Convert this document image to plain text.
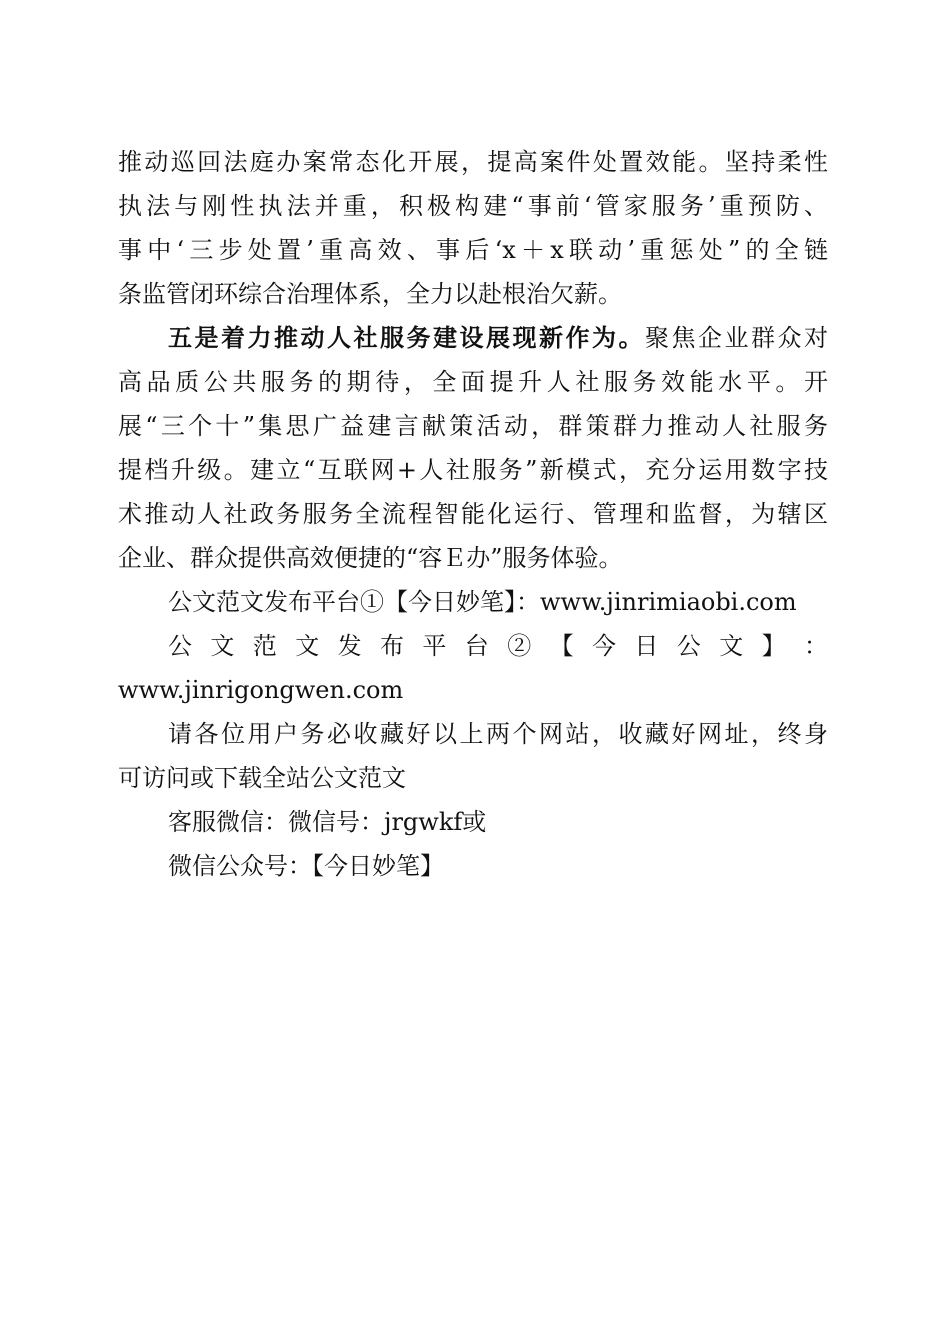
推动巡回法庭办案常态化开展，提高案件处置效能。坚持柔性
执法与刚性执法并重，积极构建“事前‘管家服务’重预防、
事中‘三步处置’重高效、事后‘x＋x联动’重惩处”的全链
条监管闭环综合治理体系，全力以赴根治欠薪。
五是着力推动人社服务建设展现新作为。聚焦企业群众对
高品质公共服务的期待，全面提升人社服务效能水平。开
展“三个十”集思广益建言献策活动，群策群力推动人社服务
提档升级。建立“互联网+人社服务”新模式，充分运用数字技
术推动人社政务服务全流程智能化运行、管理和监督，为辖区
企业、群众提供高效便捷的“容Ｅ办”服务体验。
公文范文发布平台①【今日妙笔】：www.jinrimiaobi.com
公 文 范 文 发 布 平 台 ② 【 今 日 公 文 】 ：
www.jinrigongwen.com
请各位用户务必收藏好以上两个网站，收藏好网址，终身
可访问或下载全站公文范文
客服微信：微信号：jrgwkf或
微信公众号：【今日妙笔】
